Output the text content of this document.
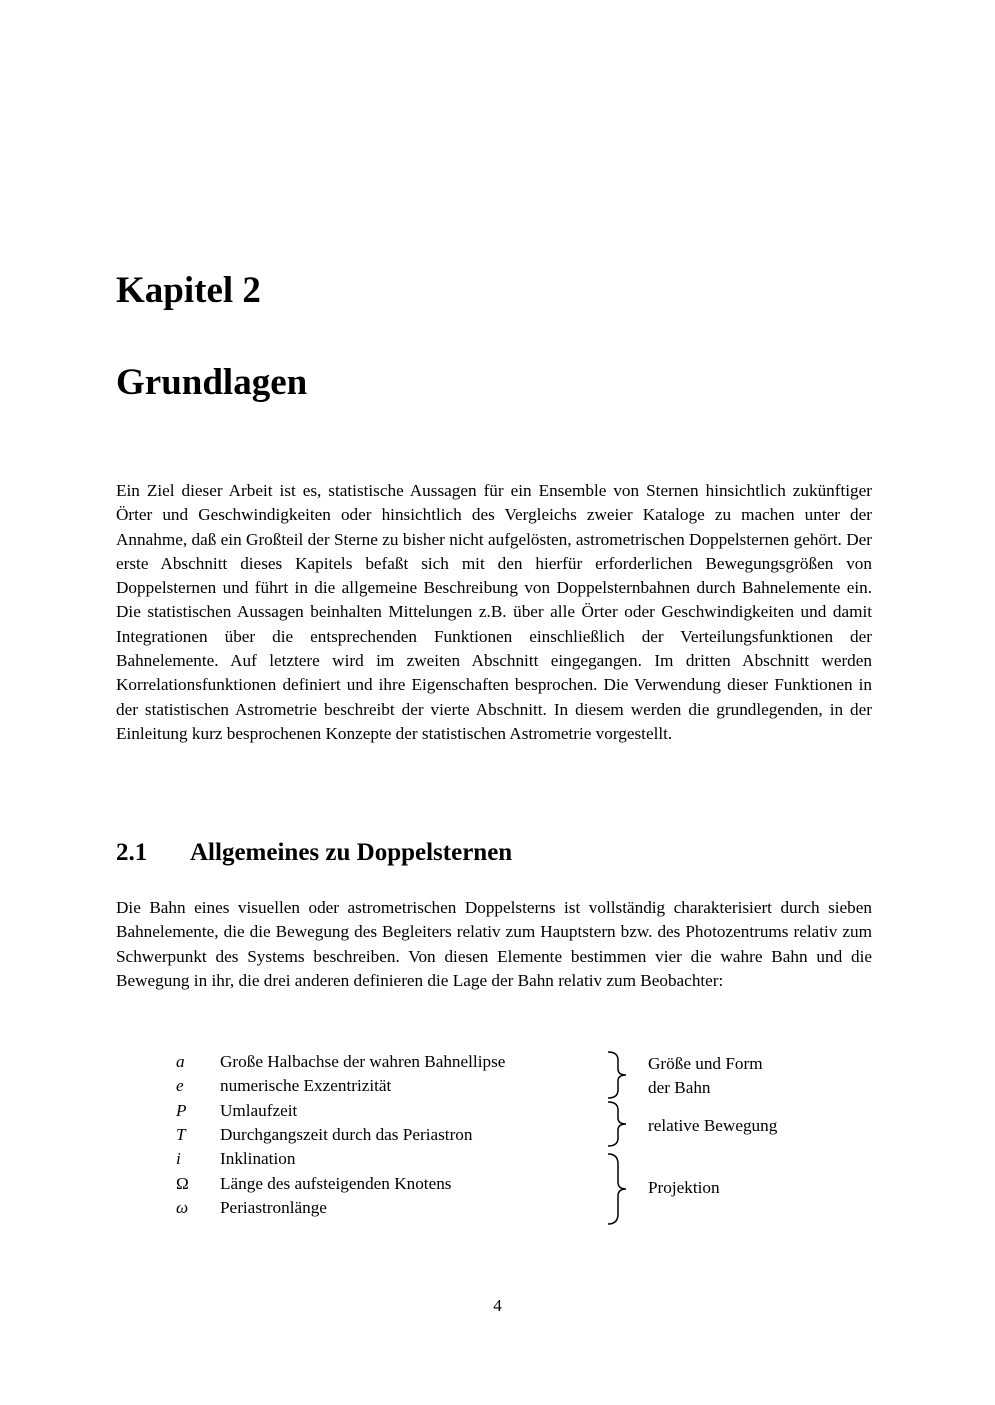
Kapitel 2
Grundlagen

Ein Ziel dieser Arbeit ist es, statistische Aussagen für ein Ensemble von Sternen hinsichtlich zukünftiger Örter und Geschwindigkeiten oder hinsichtlich des Vergleichs zweier Kataloge zu machen unter der Annahme, daß ein Großteil der Sterne zu bisher nicht aufgelösten, astrometrischen Doppelsternen gehört. Der erste Abschnitt dieses Kapitels befaßt sich mit den hierfür erforderlichen Bewegungsgrößen von Doppelsternen und führt in die allgemeine Beschreibung von Doppelsternbahnen durch Bahnelemente ein. Die statistischen Aussagen beinhalten Mittelungen z.B. über alle Örter oder Geschwindigkeiten und damit Integrationen über die entsprechenden Funktionen einschließlich der Verteilungsfunktionen der Bahnelemente. Auf letztere wird im zweiten Abschnitt eingegangen. Im dritten Abschnitt werden Korrelationsfunktionen definiert und ihre Eigenschaften besprochen. Die Verwendung dieser Funktionen in der statistischen Astrometrie beschreibt der vierte Abschnitt. In diesem werden die grundlegenden, in der Einleitung kurz besprochenen Konzepte der statistischen Astrometrie vorgestellt.

2.1 Allgemeines zu Doppelsternen

Die Bahn eines visuellen oder astrometrischen Doppelsterns ist vollständig charakterisiert durch sieben Bahnelemente, die die Bewegung des Begleiters relativ zum Hauptstern bzw. des Photozentrums relativ zum Schwerpunkt des Systems beschreiben. Von diesen Elemente bestimmen vier die wahre Bahn und die Bewegung in ihr, die drei anderen definieren die Lage der Bahn relativ zum Beobachter:

a Große Halbachse der wahren Bahnellipse
e numerische Exzentrizität
P Umlaufzeit
T Durchgangszeit durch das Periastron
i Inklination
Ω Länge des aufsteigenden Knotens
ω Periastronlänge
Größe und Form
der Bahn
relative Bewegung
Projektion

4
